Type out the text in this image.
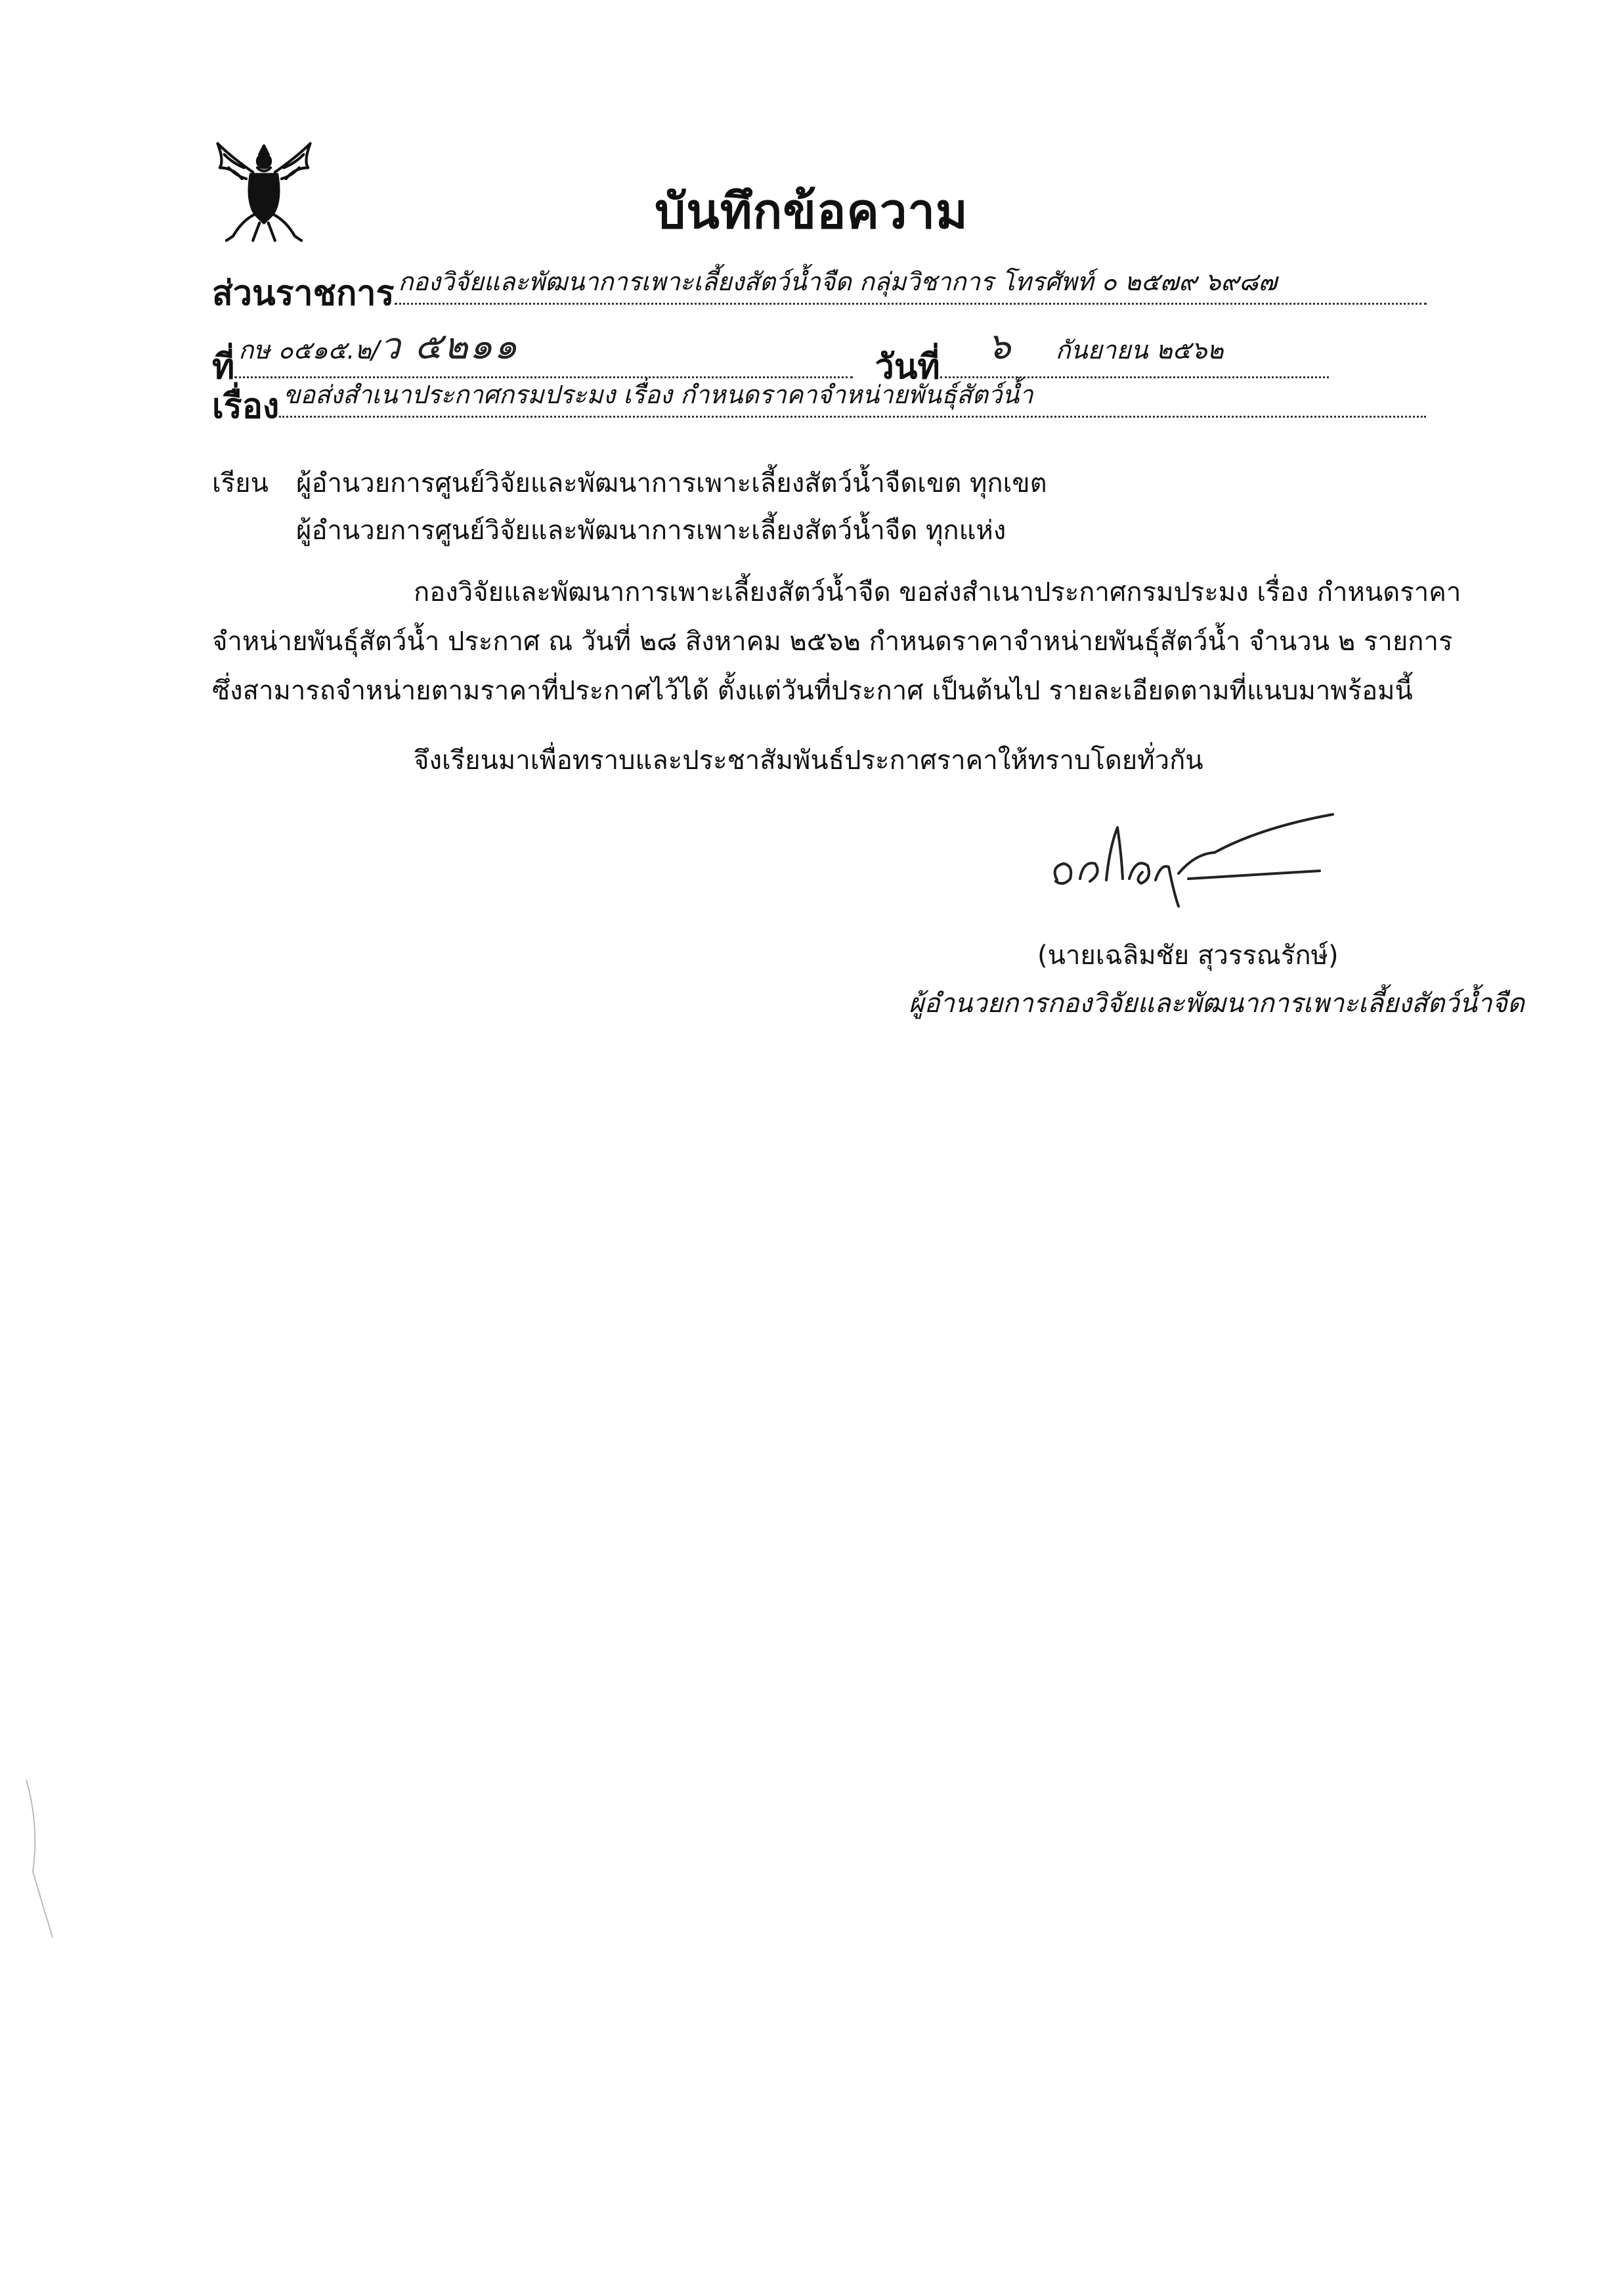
บันทึกข้อความ
ส่วนราชการ กองวิจัยและพัฒนาการเพาะเลี้ยงสัตว์น้ำจืด กลุ่มวิชาการ โทรศัพท์ ๐ ๒๕๗๙ ๖๙๘๗
ที่ กษ ๐๕๑๕.๒/ว ๕๒๑๑	วันที่ ๖ กันยายน ๒๕๖๒
เรื่อง ขอส่งสำเนาประกาศกรมประมง เรื่อง กำหนดราคาจำหน่ายพันธุ์สัตว์น้ำ
เรียน ผู้อำนวยการศูนย์วิจัยและพัฒนาการเพาะเลี้ยงสัตว์น้ำจืดเขต ทุกเขต
ผู้อำนวยการศูนย์วิจัยและพัฒนาการเพาะเลี้ยงสัตว์น้ำจืด ทุกแห่ง

กองวิจัยและพัฒนาการเพาะเลี้ยงสัตว์น้ำจืด ขอส่งสำเนาประกาศกรมประมง เรื่อง กำหนดราคา

จำหน่ายพันธุ์สัตว์น้ำ ประกาศ ณ วันที่ ๒๘ สิงหาคม ๒๕๖๒ กำหนดราคาจำหน่ายพันธุ์สัตว์น้ำ จำนวน ๒ รายการ

ซึ่งสามารถจำหน่ายตามราคาที่ประกาศไว้ได้ ตั้งแต่วันที่ประกาศ เป็นต้นไป รายละเอียดตามที่แนบมาพร้อมนี้

จึงเรียนมาเพื่อทราบและประชาสัมพันธ์ประกาศราคาให้ทราบโดยทั่วกัน
(นายเฉลิมชัย สุวรรณรักษ์)
ผู้อำนวยการกองวิจัยและพัฒนาการเพาะเลี้ยงสัตว์น้ำจืด
